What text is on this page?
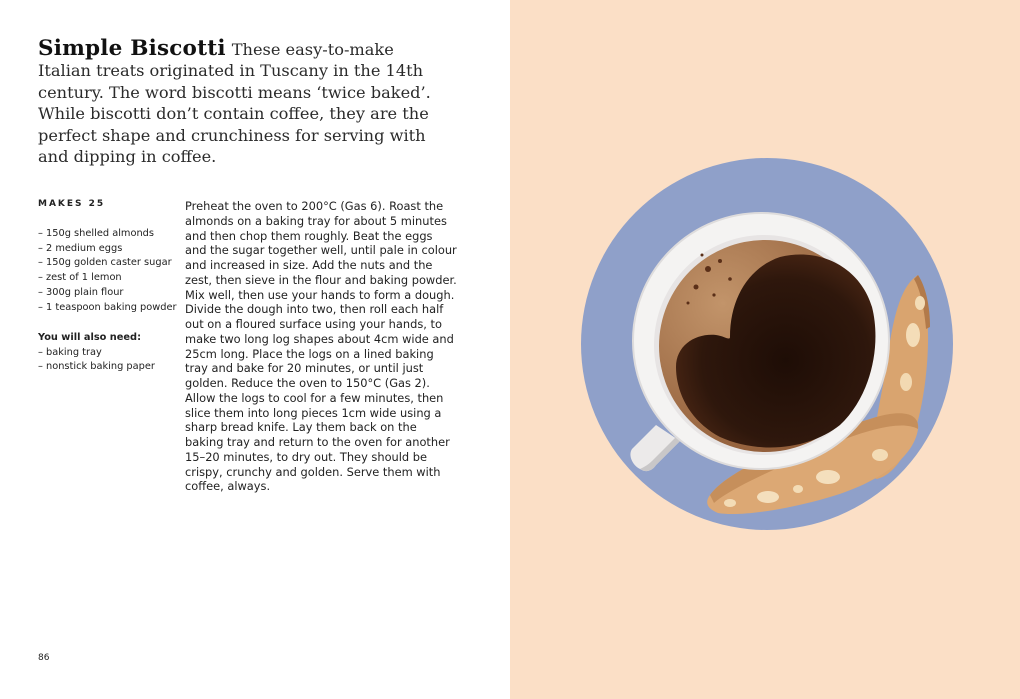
Simple Biscotti These easy-to-make Italian treats originated in Tuscany in the 14th century. The word biscotti means ‘twice baked’. While biscotti don’t contain coffee, they are the perfect shape and crunchiness for serving with and dipping in coffee.

MAKES 25

– 150g shelled almonds
– 2 medium eggs
– 150g golden caster sugar
– zest of 1 lemon
– 300g plain flour
– 1 teaspoon baking powder
You will also need:
– baking tray
– nonstick baking paper

Preheat the oven to 200°C (Gas 6). Roast the almonds on a baking tray for about 5 minutes and then chop them roughly. Beat the eggs and the sugar together well, until pale in colour and increased in size. Add the nuts and the zest, then sieve in the flour and baking powder. Mix well, then use your hands to form a dough. Divide the dough into two, then roll each half out on a floured surface using your hands, to make two long log shapes about 4cm wide and 25cm long. Place the logs on a lined baking tray and bake for 20 minutes, or until just golden. Reduce the oven to 150°C (Gas 2). Allow the logs to cool for a few minutes, then slice them into long pieces 1cm wide using a sharp bread knife. Lay them back on the baking tray and return to the oven for another 15–20 minutes, to dry out. They should be crispy, crunchy and golden. Serve them with coffee, always.

86
